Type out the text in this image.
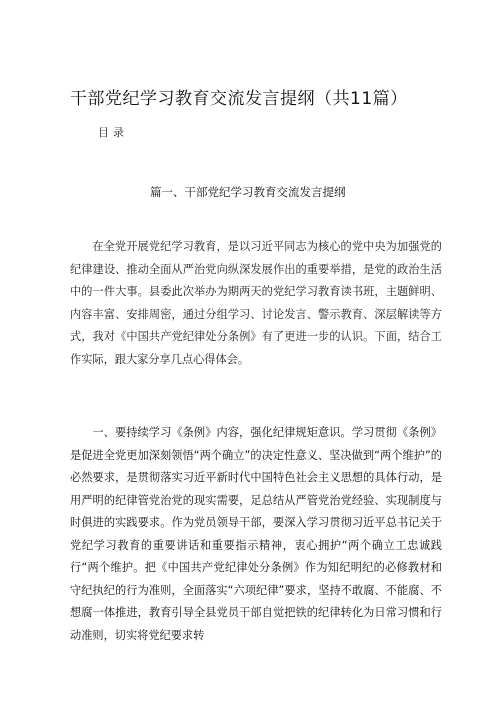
干部党纪学习教育交流发言提纲（共11篇）
目录
篇一、干部党纪学习教育交流发言提纲

在全党开展党纪学习教育，是以习近平同志为核心的党中央为加强党的纪律建设、推动全面从严治党向纵深发展作出的重要举措，是党的政治生活中的一件大事。县委此次举办为期两天的党纪学习教育读书班，主题鲜明、内容丰富、安排周密，通过分组学习、讨论发言、警示教育、深层解读等方式，我对《中国共产党纪律处分条例》有了更进一步的认识。下面，结合工作实际，跟大家分享几点心得体会。

一、要持续学习《条例》内容，强化纪律规矩意识。学习贯彻《条例》是促进全党更加深刻领悟“两个确立”的决定性意义、坚决做到“两个维护”的必然要求，是贯彻落实习近平新时代中国特色社会主义思想的具体行动，是用严明的纪律管党治党的现实需要，足总结从严管党治党经验、实现制度与时俱进的实践要求。作为党员领导干部，要深入学习贯彻习近平总书记关于党纪学习教育的重要讲话和重要指示精神，衷心拥护“两个确立工忠诚践行“两个维护。把《中国共产党纪律处分条例》作为知纪明纪的必修教材和守纪执纪的行为准则，全面落实“六项纪律”要求，坚持不敢腐、不能腐、不想腐一体推进，教育引导全县党员干部自觉把铁的纪律转化为日常习惯和行动准则，切实将党纪要求转
